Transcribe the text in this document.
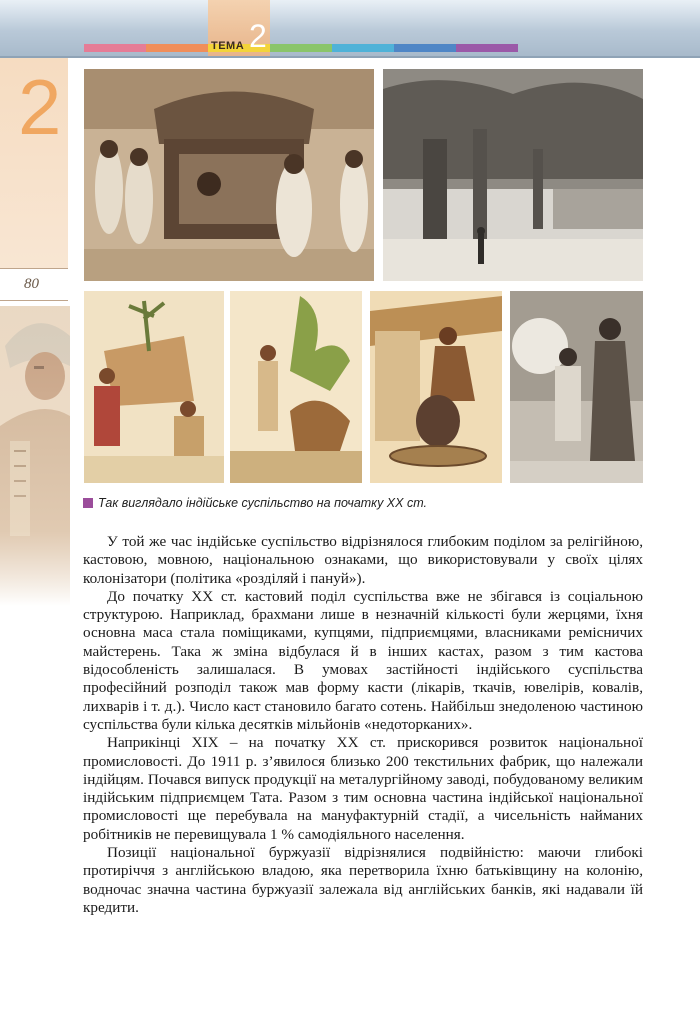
ТЕМА 2
2
80
Так виглядало індійське суспільство на початку XX ст.

У той же час індійське суспільство відрізнялося глибоким поділом за релігійною, кастовою, мовною, національною ознаками, що використовували у своїх цілях колонізатори (політика «розділяй і пануй»).

До початку XX ст. кастовий поділ суспільства вже не збігався із соціальною структурою. Наприклад, брахмани лише в незначній кількості були жерцями, їхня основна маса стала поміщиками, купцями, підприємцями, власниками ремісничих майстерень. Така ж зміна відбулася й в інших кастах, разом з тим кастова відособленість залишалася. В умовах застійності індійського суспільства професійний розподіл також мав форму касти (лікарів, ткачів, ювелірів, ковалів, лихварів і т. д.). Число каст становило багато сотень. Найбільш знедоленою частиною суспільства були кілька десятків мільйонів «недоторканих».

Наприкінці XIX – на початку XX ст. прискорився розвиток національної промисловості. До 1911 р. з’явилося близько 200 текстильних фабрик, що належали індійцям. Почався випуск продукції на металургійному заводі, побудованому великим індійським підприємцем Тата. Разом з тим основна частина індійської національної промисловості ще перебувала на мануфактурній стадії, а чисельність найманих робітників не перевищувала 1 % самодіяльного населення.

Позиції національної буржуазії відрізнялися подвійністю: маючи глибокі протиріччя з англійською владою, яка перетворила їхню батьківщину на колонію, водночас значна частина буржуазії залежала від англійських банків, які надавали їй кредити.
